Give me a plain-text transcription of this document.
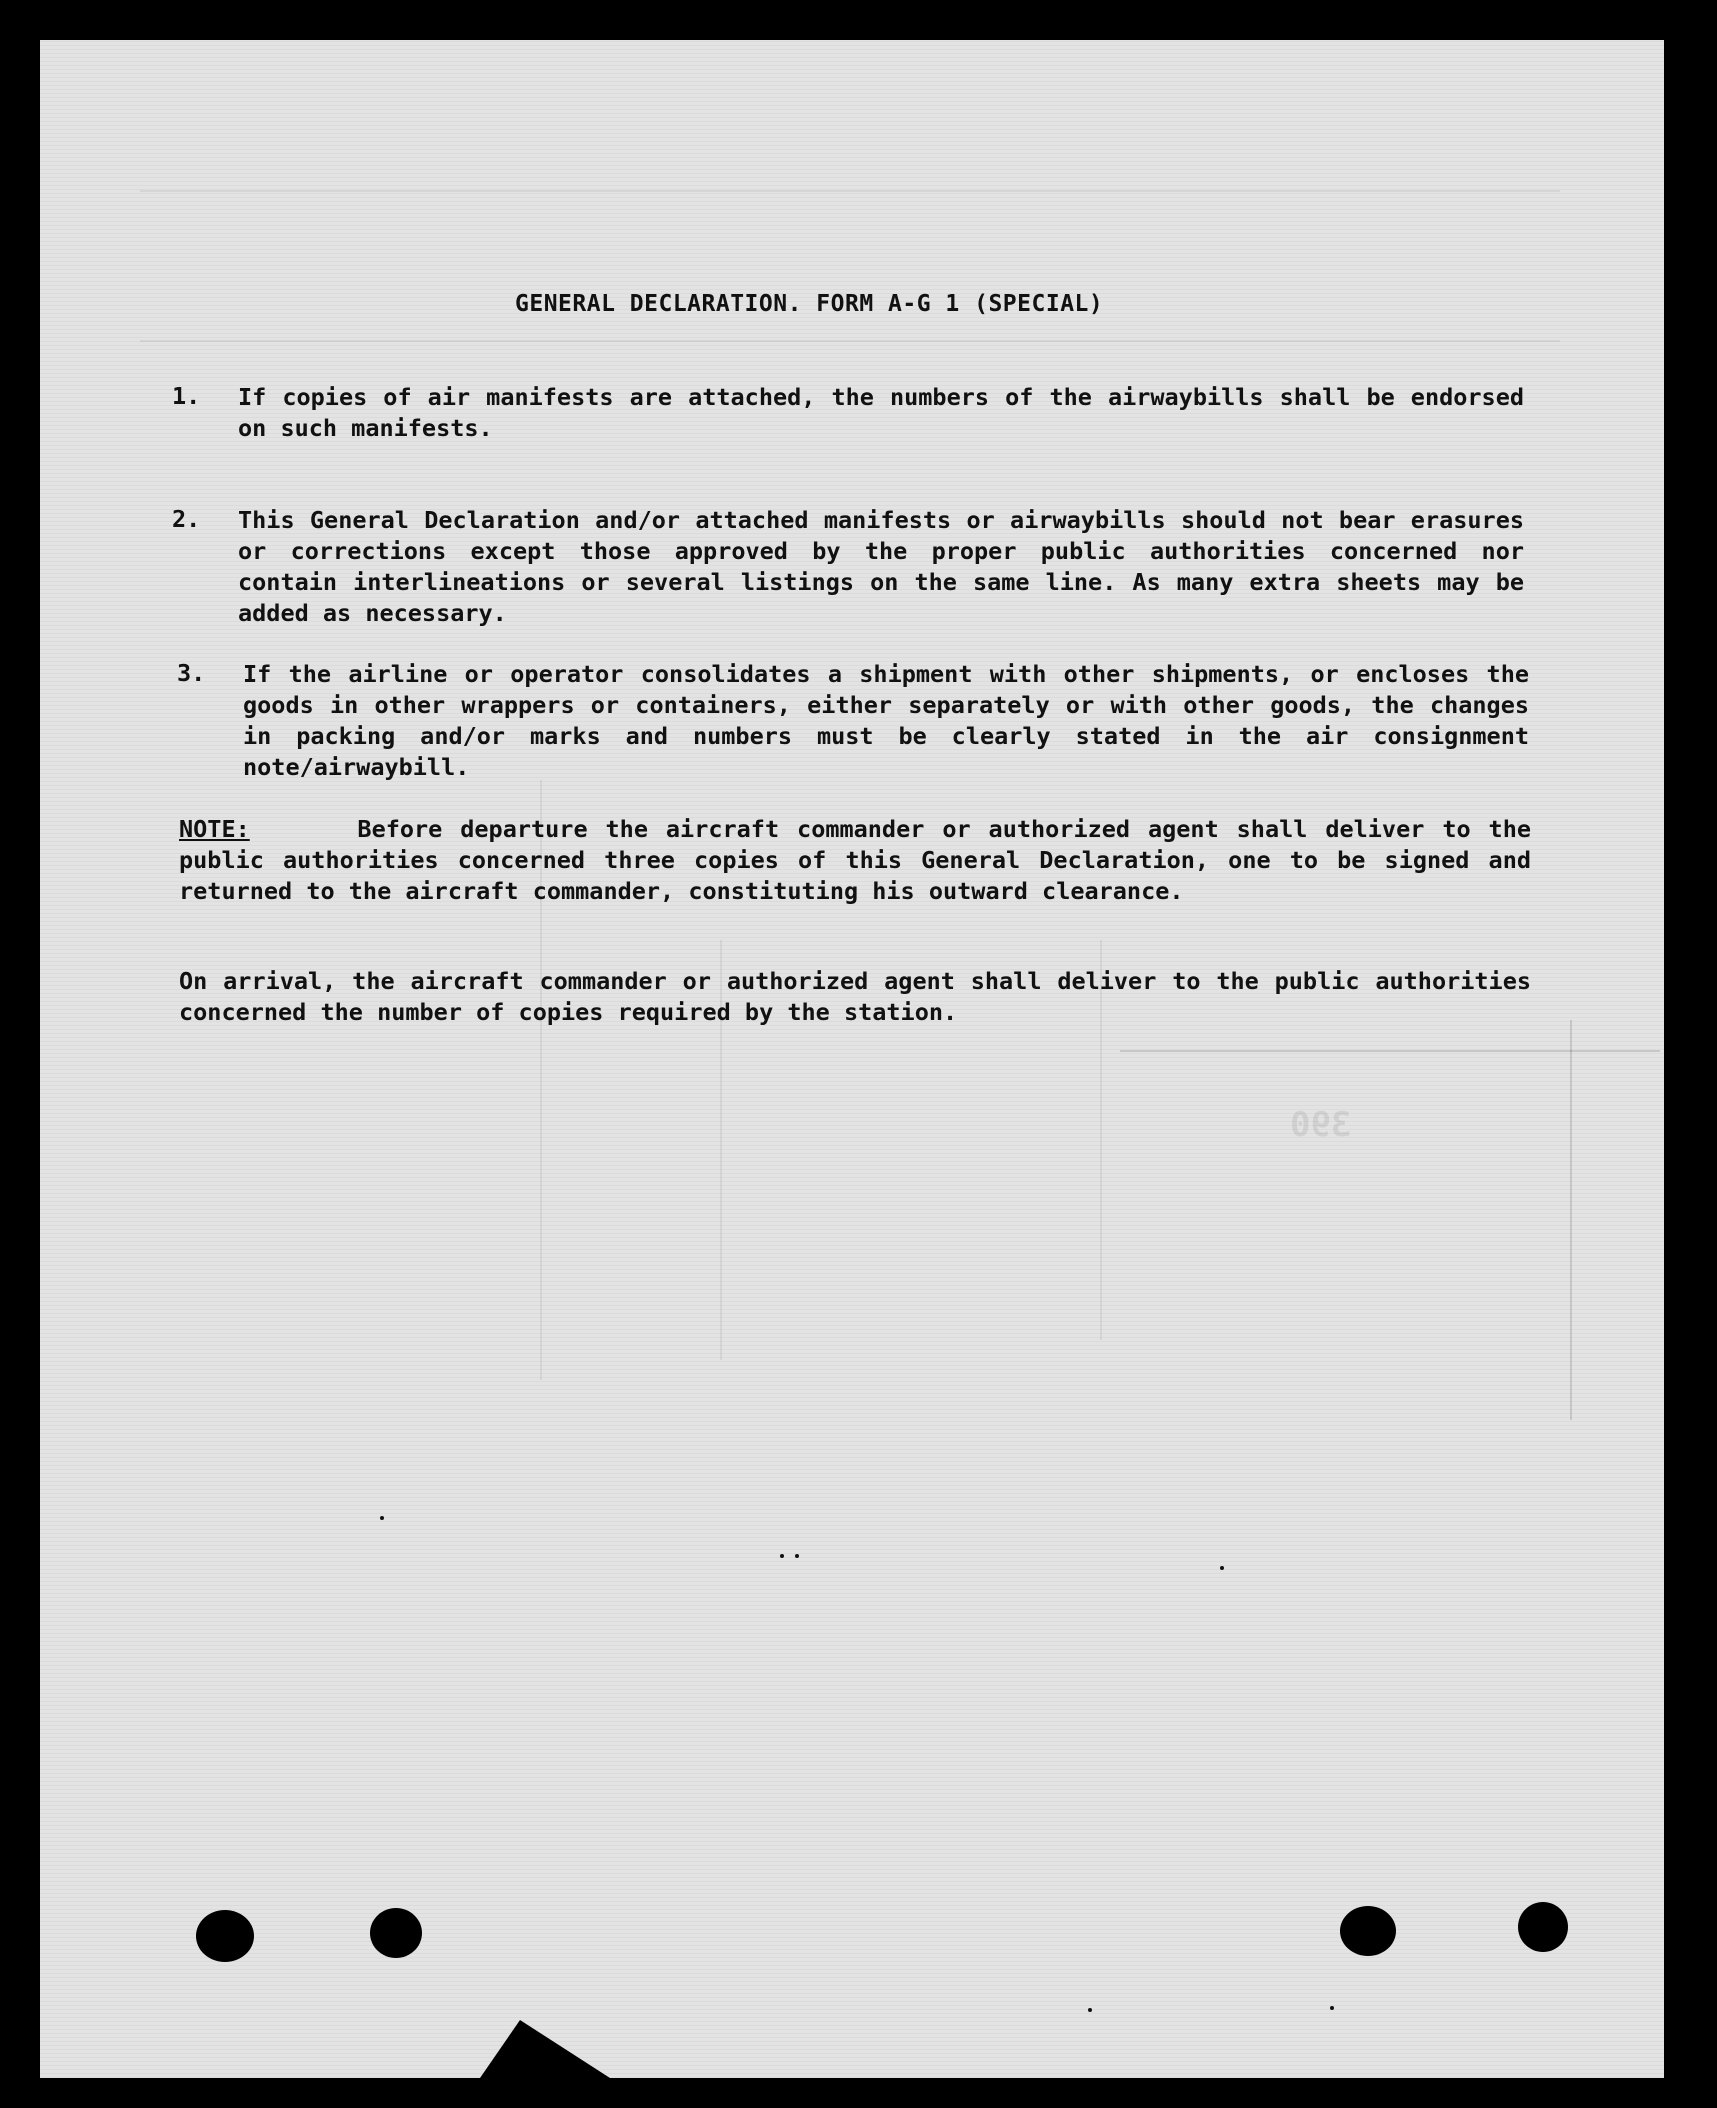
390
GENERAL DECLARATION. FORM A-G 1 (SPECIAL)
1. If copies of air manifests are attached, the numbers of the airwaybills shall be endorsed on such manifests.
2. This General Declaration and/or attached manifests or airwaybills should not bear erasures or corrections except those approved by the proper public authorities concerned nor contain interlineations or several listings on the same line. As many extra sheets may be added as necessary.
3. If the airline or operator consolidates a shipment with other shipments, or encloses the goods in other wrappers or containers, either separately or with other goods, the changes in packing and/or marks and numbers must be clearly stated in the air consignment note/airwaybill.
NOTE:	Before departure the aircraft commander or authorized agent shall deliver to the public authorities concerned three copies of this General Declaration, one to be signed and returned to the aircraft commander, constituting his outward clearance.
On arrival, the aircraft commander or authorized agent shall deliver to the public authorities concerned the number of copies required by the station.
